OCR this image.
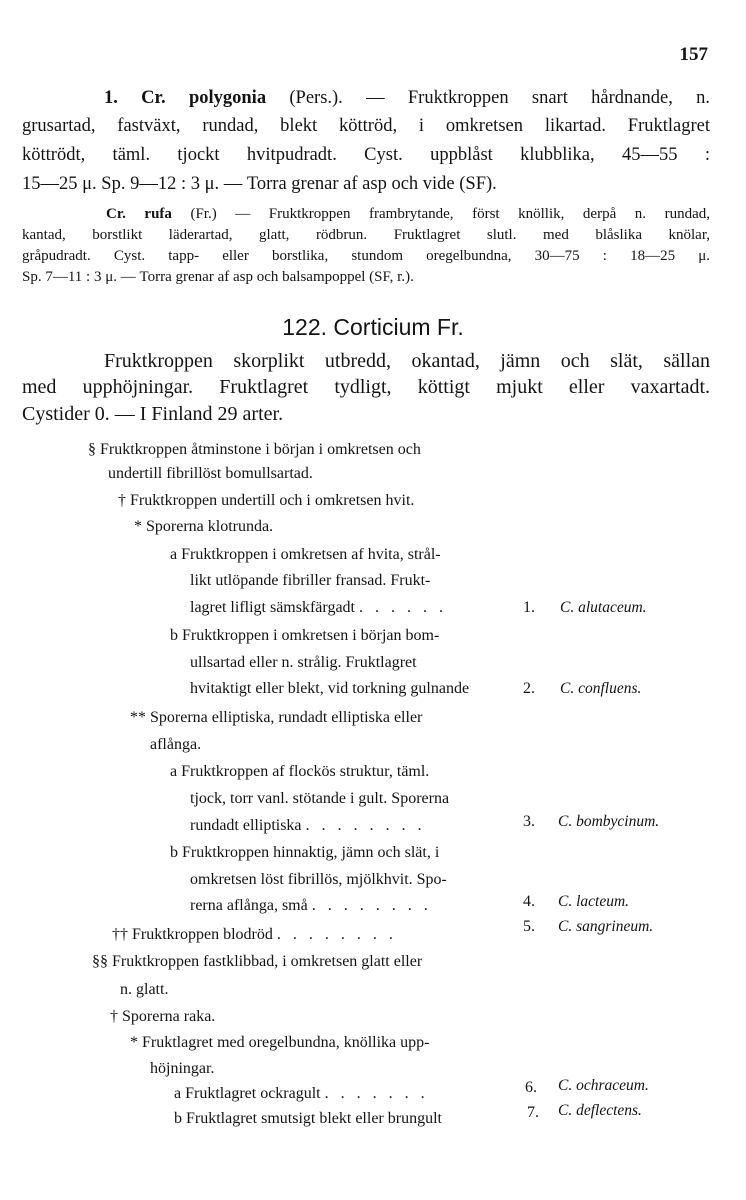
157
1. Cr. polygonia (Pers.). — Fruktkroppen snart hårdnande, n.
grusartad, fastväxt, rundad, blekt köttröd, i omkretsen likartad. Fruktlagret
köttrödt, täml. tjockt hvitpudradt. Cyst. uppblåst klubblika, 45—55 :
15—25 μ. Sp. 9—12 : 3 μ. — Torra grenar af asp och vide (SF).
Cr. rufa (Fr.) — Fruktkroppen frambrytande, först knöllik, derpå n. rundad,
kantad, borstlikt läderartad, glatt, rödbrun. Fruktlagret slutl. med blåslika knölar,
gråpudradt. Cyst. tapp- eller borstlika, stundom oregelbundna, 30—75 : 18—25 μ.
Sp. 7—11 : 3 μ. — Torra grenar af asp och balsampoppel (SF, r.).
122. Corticium Fr.
Fruktkroppen skorplikt utbredd, okantad, jämn och slät, sällan
med upphöjningar. Fruktlagret tydligt, köttigt mjukt eller vaxartadt.
Cystider 0. — I Finland 29 arter.
§ Fruktkroppen åtminstone i början i omkretsen och
undertill fibrillöst bomullsartad.
† Fruktkroppen undertill och i omkretsen hvit.
* Sporerna klotrunda.
a Fruktkroppen i omkretsen af hvita, strål-
likt utlöpande fibriller fransad. Frukt-
lagret lifligt sämskfärgadt . . . . . .	1. C. alutaceum.
b Fruktkroppen i omkretsen i början bom-
ullsartad eller n. strålig. Fruktlagret
hvitaktigt eller blekt, vid torkning gulnande	2. C. confluens.
** Sporerna elliptiska, rundadt elliptiska eller
aflånga.
a Fruktkroppen af flockös struktur, täml.
tjock, torr vanl. stötande i gult. Sporerna
rundadt elliptiska . . . . . . . .	3. C. bombycinum.
b Fruktkroppen hinnaktig, jämn och slät, i
omkretsen löst fibrillös, mjölkhvit. Spo-
rerna aflånga, små . . . . . . . .	4. C. lacteum.
†† Fruktkroppen blodröd . . . . . . . .	5. C. sangrineum.
§§ Fruktkroppen fastklibbad, i omkretsen glatt eller
n. glatt.
† Sporerna raka.
* Fruktlagret med oregelbundna, knöllika upp-
höjningar.
a Fruktlagret ockragult . . . . . . .	6. C. ochraceum.
b Fruktlagret smutsigt blekt eller brungult	7. C. deflectens.
